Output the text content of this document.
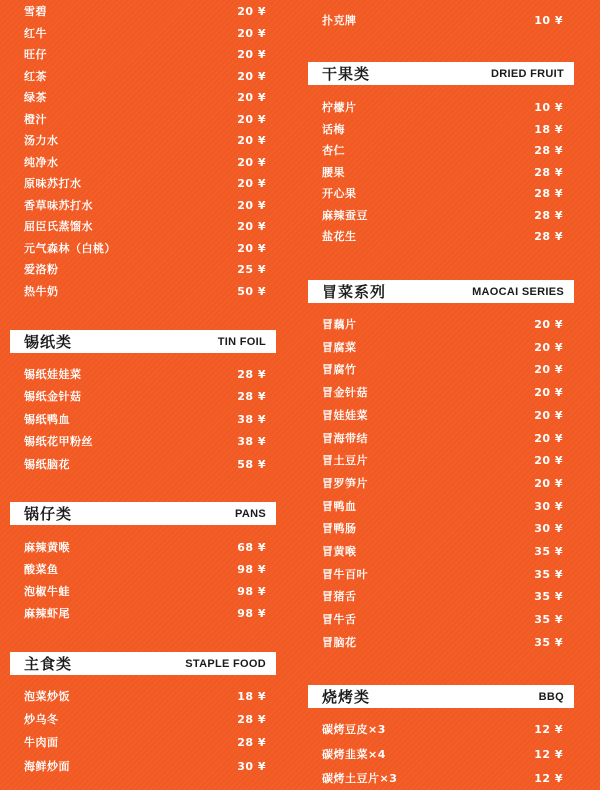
雪碧	20 ¥
红牛	20 ¥
旺仔	20 ¥
红茶	20 ¥
绿茶	20 ¥
橙汁	20 ¥
汤力水	20 ¥
纯净水	20 ¥
原味苏打水	20 ¥
香草味苏打水	20 ¥
屈臣氏蒸馏水	20 ¥
元气森林（白桃）	20 ¥
爱洛粉	25 ¥
热牛奶	50 ¥
锡纸类	TIN FOIL
锡纸娃娃菜	28 ¥
锡纸金针菇	28 ¥
锡纸鸭血	38 ¥
锡纸花甲粉丝	38 ¥
锡纸脑花	58 ¥
锅仔类	PANS
麻辣黄喉	68 ¥
酸菜鱼	98 ¥
泡椒牛蛙	98 ¥
麻辣虾尾	98 ¥
主食类	STAPLE FOOD
泡菜炒饭	18 ¥
炒乌冬	28 ¥
牛肉面	28 ¥
海鲜炒面	30 ¥
扑克牌	10 ¥
干果类	DRIED FRUIT
柠檬片	10 ¥
话梅	18 ¥
杏仁	28 ¥
腰果	28 ¥
开心果	28 ¥
麻辣蚕豆	28 ¥
盐花生	28 ¥
冒菜系列	MAOCAI SERIES
冒藕片	20 ¥
冒腐菜	20 ¥
冒腐竹	20 ¥
冒金针菇	20 ¥
冒娃娃菜	20 ¥
冒海带结	20 ¥
冒土豆片	20 ¥
冒罗笋片	20 ¥
冒鸭血	30 ¥
冒鸭肠	30 ¥
冒黄喉	35 ¥
冒牛百叶	35 ¥
冒猪舌	35 ¥
冒牛舌	35 ¥
冒脑花	35 ¥
烧烤类	BBQ
碳烤豆皮×3	12 ¥
碳烤韭菜×4	12 ¥
碳烤土豆片×3	12 ¥
